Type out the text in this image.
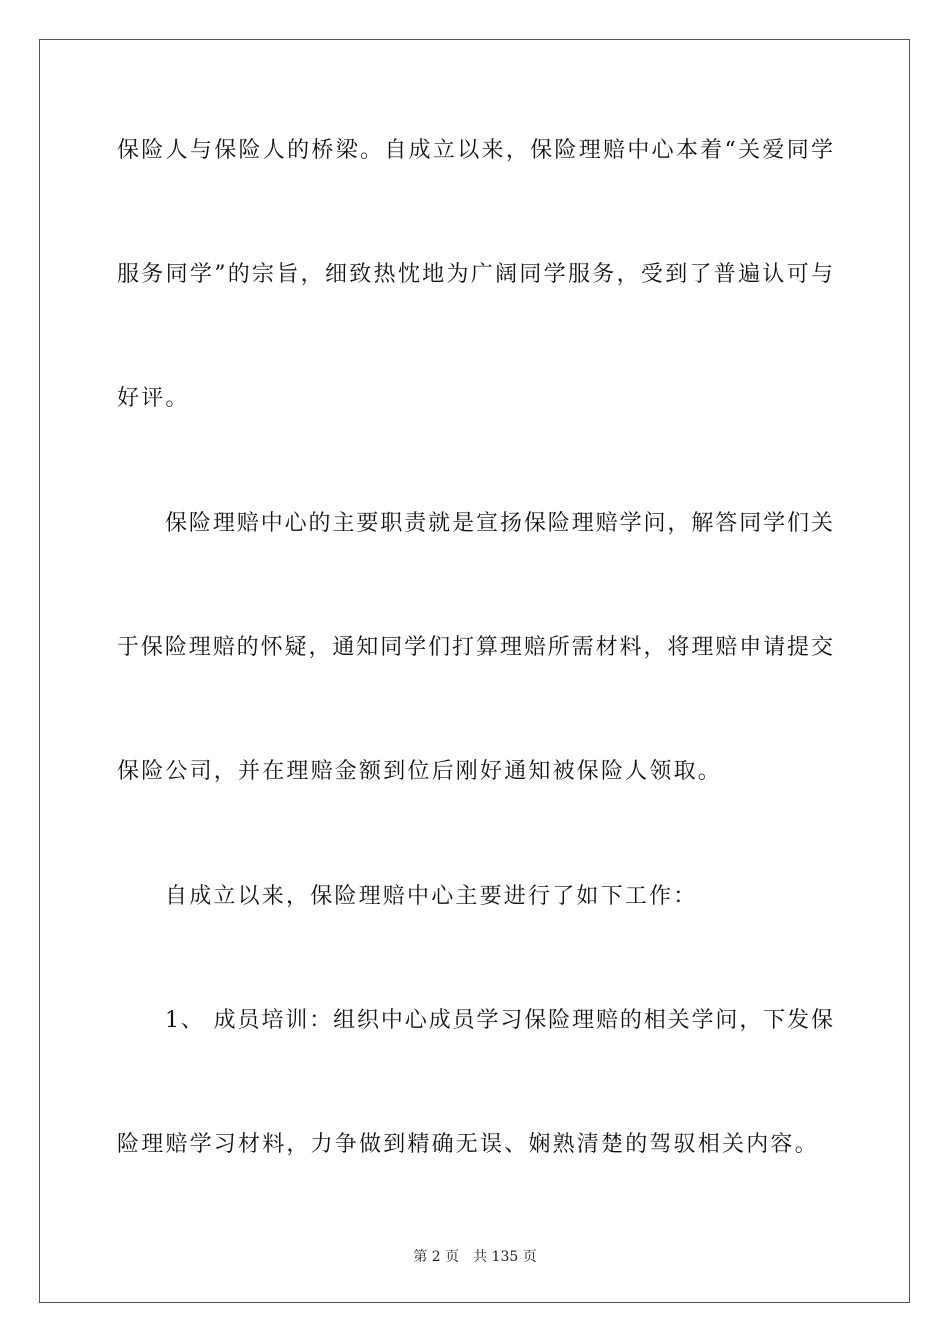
保险人与保险人的桥梁。自成立以来，保险理赔中心本着“关爱同学
服务同学”的宗旨，细致热忱地为广阔同学服务，受到了普遍认可与
好评。
保险理赔中心的主要职责就是宣扬保险理赔学问，解答同学们关
于保险理赔的怀疑，通知同学们打算理赔所需材料，将理赔申请提交
保险公司，并在理赔金额到位后刚好通知被保险人领取。
自成立以来，保险理赔中心主要进行了如下工作：
1、 成员培训：组织中心成员学习保险理赔的相关学问，下发保
险理赔学习材料，力争做到精确无误、娴熟清楚的驾驭相关内容。
第 2 页　共 135 页
